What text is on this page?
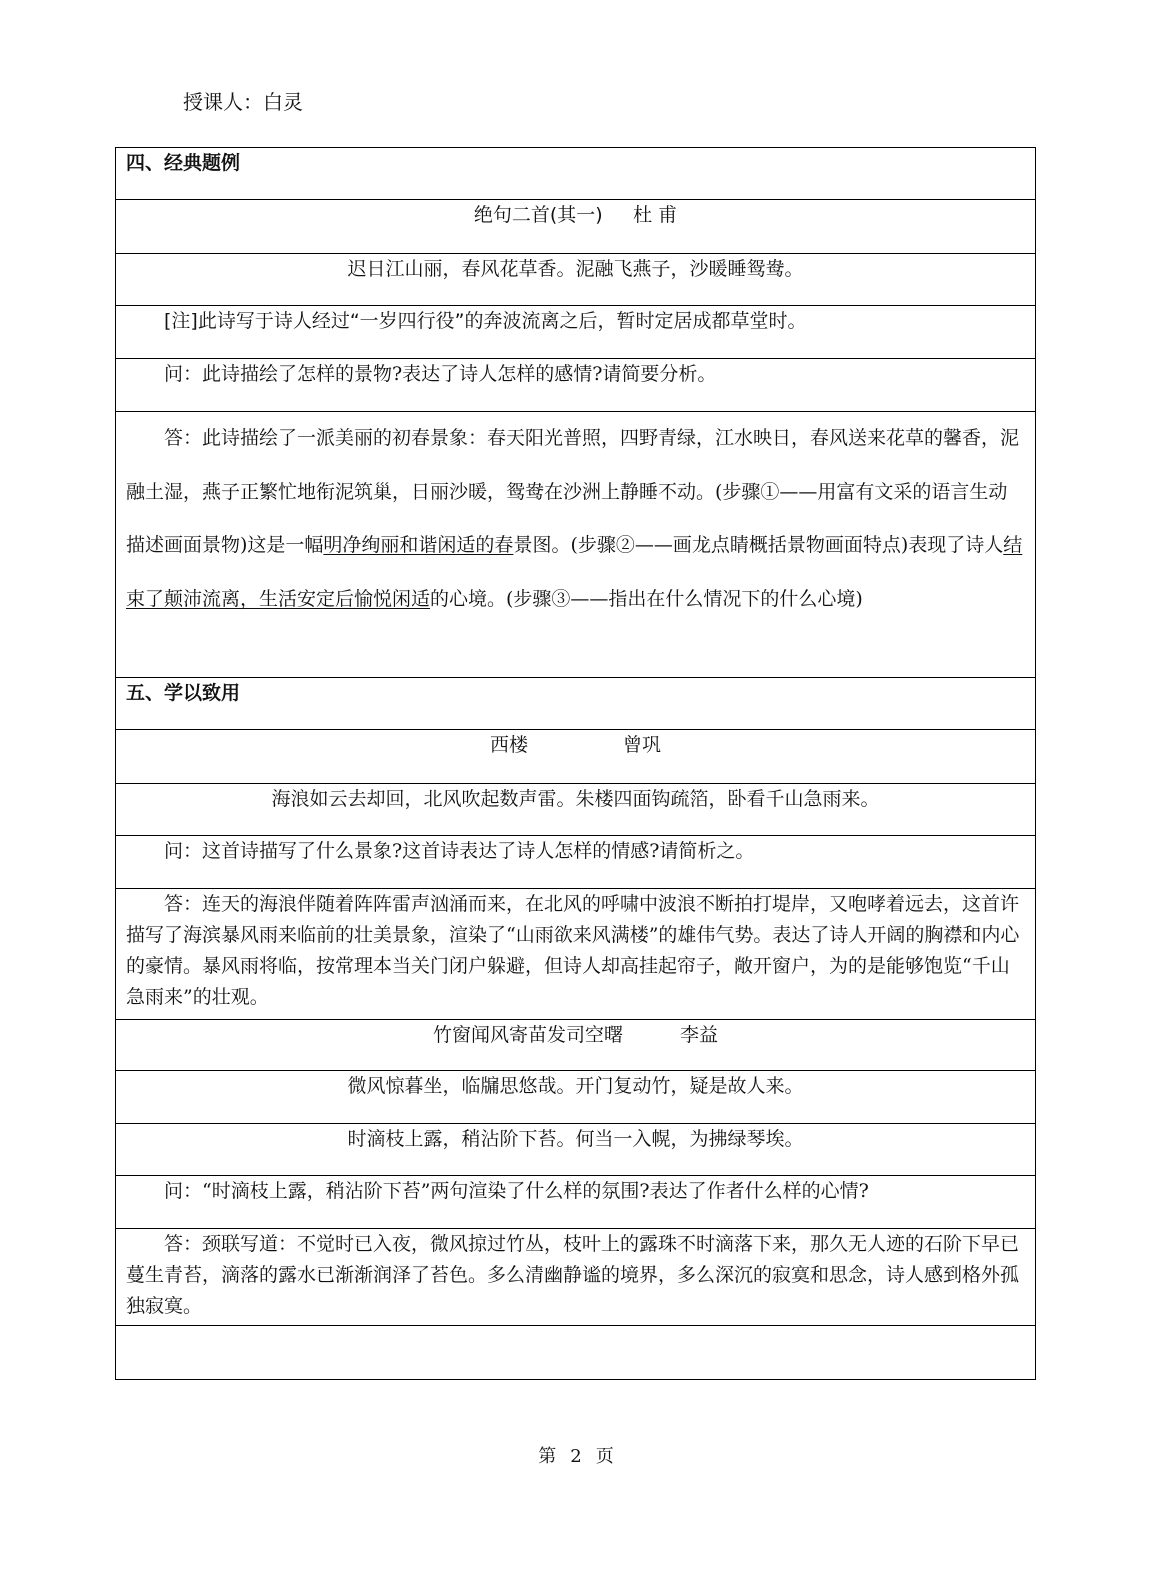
授课人：白灵
四、经典题例
绝句二首(其一) 杜 甫
迟日江山丽，春风花草香。泥融飞燕子，沙暖睡鸳鸯。
[注]此诗写于诗人经过“一岁四行役”的奔波流离之后，暂时定居成都草堂时。
问：此诗描绘了怎样的景物?表达了诗人怎样的感情?请简要分析。
答：此诗描绘了一派美丽的初春景象：春天阳光普照，四野青绿，江水映日，春风送来花草的馨香，泥融土湿，燕子正繁忙地衔泥筑巢，日丽沙暖，鸳鸯在沙洲上静睡不动。(步骤①——用富有文采的语言生动描述画面景物)这是一幅明净绚丽和谐闲适的春景图。(步骤②——画龙点睛概括景物画面特点)表现了诗人结束了颠沛流离，生活安定后愉悦闲适的心境。(步骤③——指出在什么情况下的什么心境)
五、学以致用
西楼	曾巩
海浪如云去却回，北风吹起数声雷。朱楼四面钩疏箔，卧看千山急雨来。
问：这首诗描写了什么景象?这首诗表达了诗人怎样的情感?请简析之。
答：连天的海浪伴随着阵阵雷声汹涌而来，在北风的呼啸中波浪不断拍打堤岸，又咆哮着远去，这首许描写了海滨暴风雨来临前的壮美景象，渲染了“山雨欲来风满楼”的雄伟气势。表达了诗人开阔的胸襟和内心的豪情。暴风雨将临，按常理本当关门闭户躲避，但诗人却高挂起帘子，敞开窗户，为的是能够饱览“千山急雨来”的壮观。
竹窗闻风寄苗发司空曙	李益
微风惊暮坐，临牖思悠哉。开门复动竹，疑是故人来。
时滴枝上露，稍沾阶下苔。何当一入幌，为拂绿琴埃。
问：“时滴枝上露，稍沾阶下苔”两句渲染了什么样的氛围?表达了作者什么样的心情?
答：颈联写道：不觉时已入夜，微风掠过竹丛，枝叶上的露珠不时滴落下来，那久无人迹的石阶下早已蔓生青苔，滴落的露水已渐渐润泽了苔色。多么清幽静谧的境界，多么深沉的寂寞和思念，诗人感到格外孤独寂寞。

第 2 页
